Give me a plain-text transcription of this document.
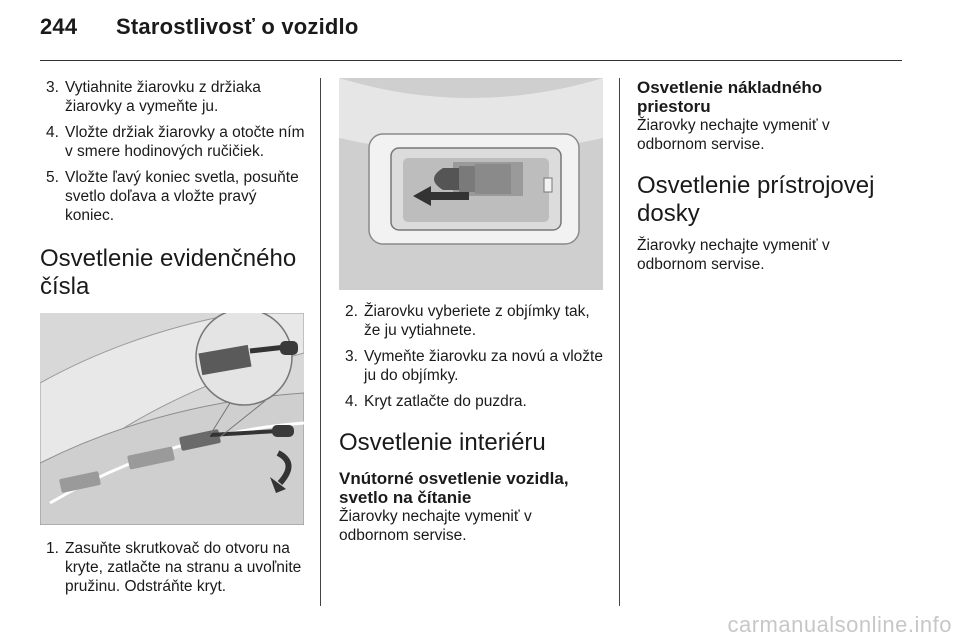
244 Starostlivosť o vozidlo
3. Vytiahnite žiarovku z držiaka žiarovky a vymeňte ju.
4. Vložte držiak žiarovky a otočte ním v smere hodinových ručičiek.
5. Vložte ľavý koniec svetla, posuňte svetlo doľava a vložte pravý koniec.
Osvetlenie evidenčného čísla
1. Zasuňte skrutkovač do otvoru na kryte, zatlačte na stranu a uvoľnite pružinu. Odstráňte kryt.
2. Žiarovku vyberiete z objímky tak, že ju vytiahnete.
3. Vymeňte žiarovku za novú a vložte ju do objímky.
4. Kryt zatlačte do puzdra.
Osvetlenie interiéru
Vnútorné osvetlenie vozidla, svetlo na čítanie

Žiarovky nechajte vymeniť v odbornom servise.

Osvetlenie nákladného priestoru

Žiarovky nechajte vymeniť v odbornom servise.

Osvetlenie prístrojovej dosky

Žiarovky nechajte vymeniť v odbornom servise.

carmanualsonline.info
